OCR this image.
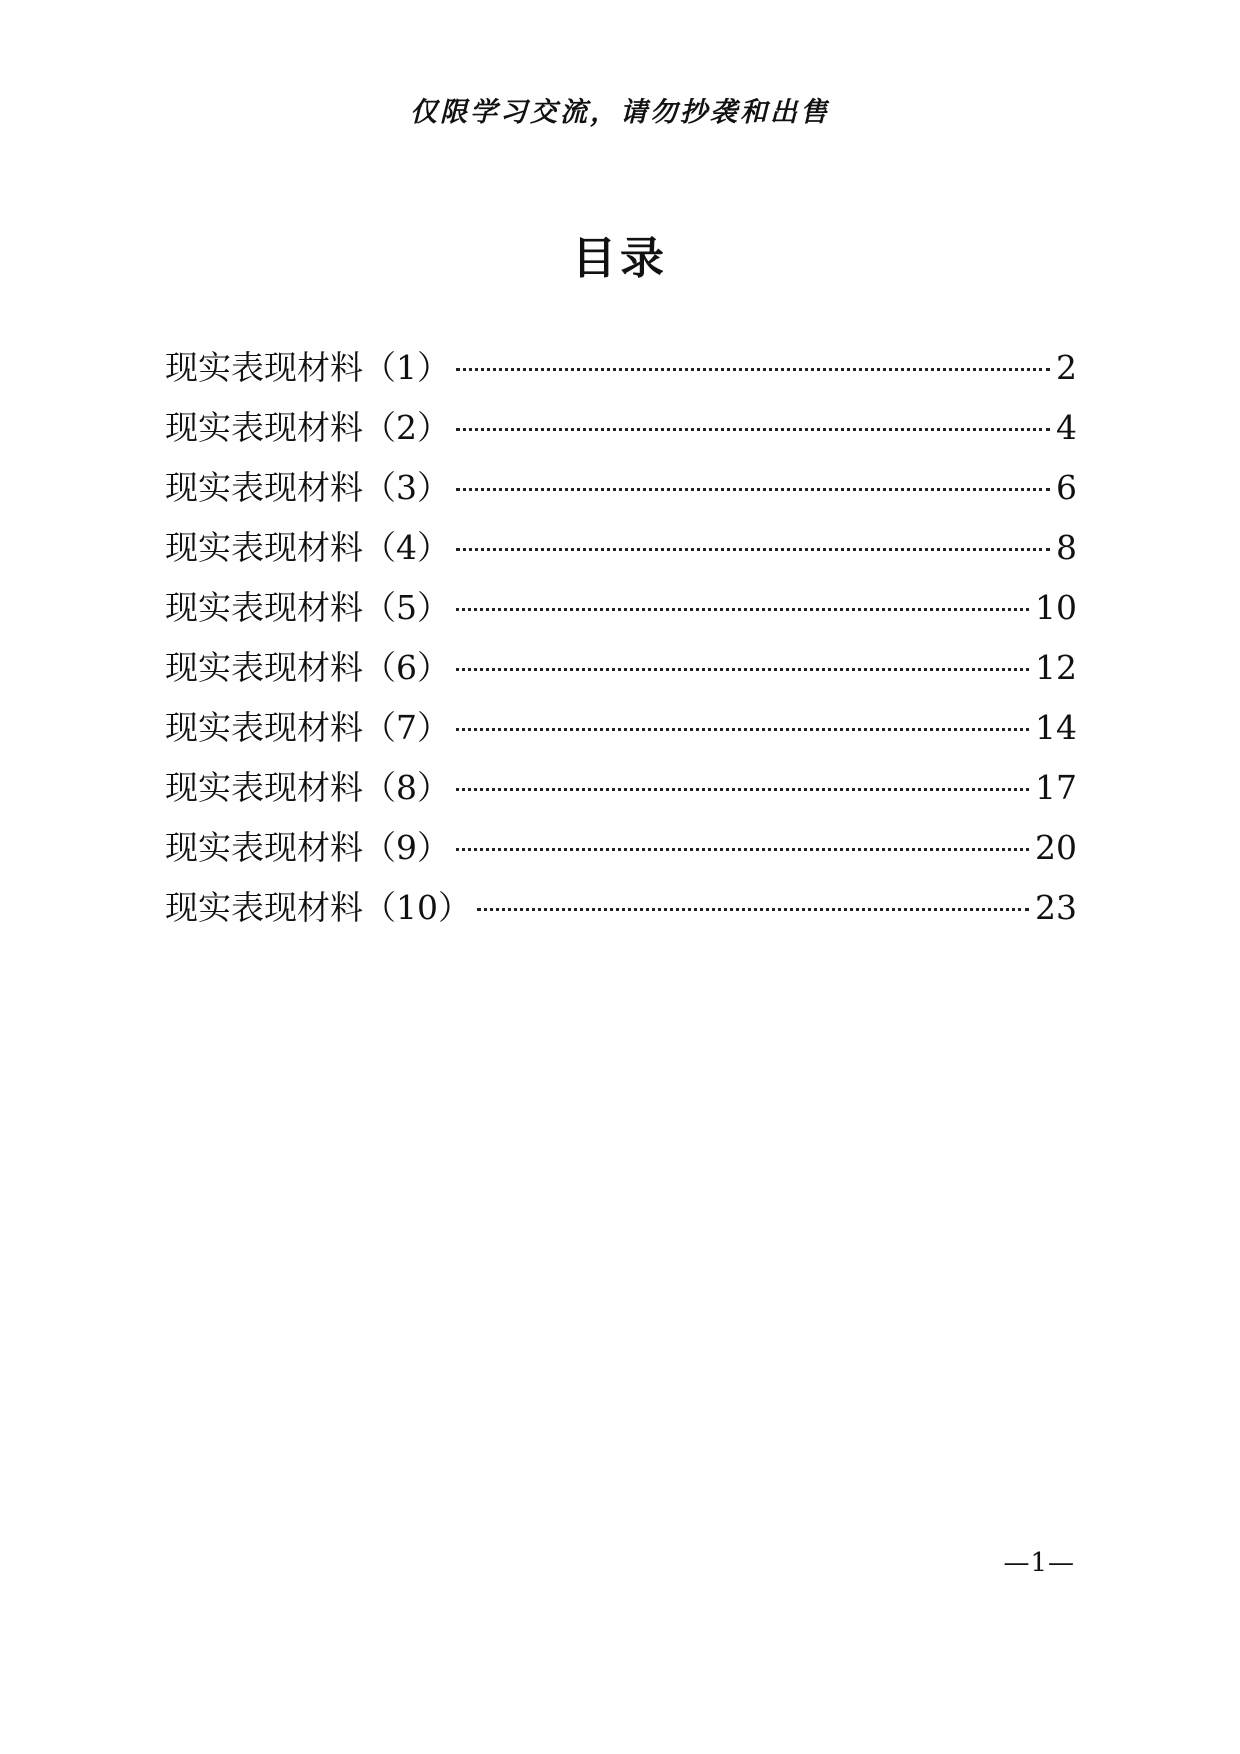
仅限学习交流，请勿抄袭和出售
目录
现实表现材料（1）	2
现实表现材料（2）	4
现实表现材料（3）	6
现实表现材料（4）	8
现实表现材料（5）	10
现实表现材料（6）	12
现实表现材料（7）	14
现实表现材料（8）	17
现实表现材料（9）	20
现实表现材料（10）	23
—1—
